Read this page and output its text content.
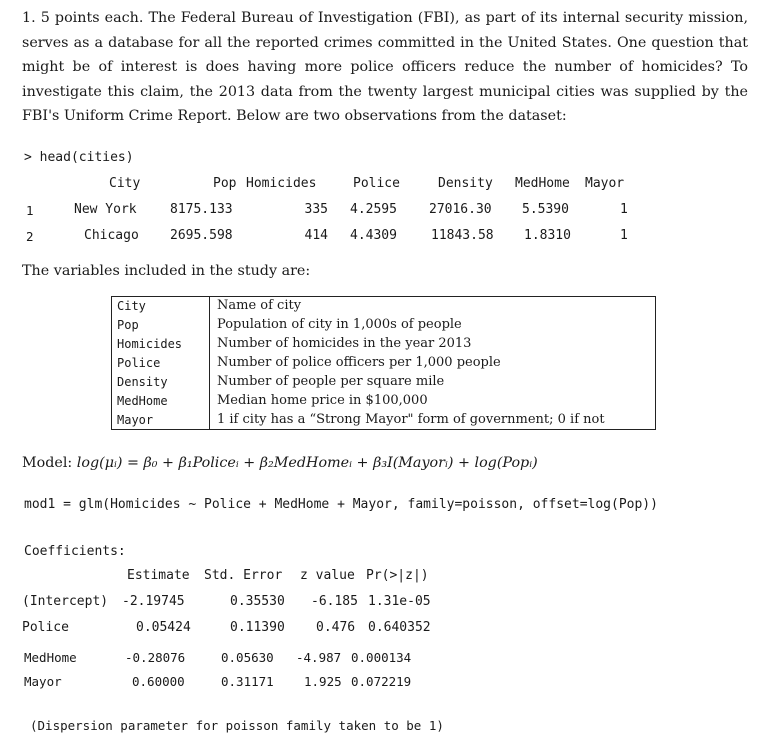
1. 5 points each. The Federal Bureau of Investigation (FBI), as part of its internal security mission, serves as a database for all the reported crimes committed in the United States. One question that might be of interest is does having more police officers reduce the number of homicides? To investigate this claim, the 2013 data from the twenty largest municipal cities was supplied by the FBI's Uniform Crime Report. Below are two observations from the dataset:
> head(cities)
City	Pop Homicides	Police	Density MedHome Mayor
1	New York	8175.133	335 4.2595 27016.30 5.5390	1
2	Chicago 2695.598	414 4.4309	11843.58 1.8310	1
The variables included in the study are:
City	Name of city
Pop	Population of city in 1,000s of people
Homicides	Number of homicides in the year 2013
Police	Number of police officers per 1,000 people
Density	Number of people per square mile
MedHome	Median home price in $100,000
Mayor	1 if city has a “Strong Mayor" form of government; 0 if not
Model: log(μᵢ) = β₀ + β₁Policeᵢ + β₂MedHomeᵢ + β₃I(Mayorᵢ) + log(Popᵢ)
mod1 = glm(Homicides ~ Police + MedHome + Mayor, family=poisson, offset=log(Pop))
Coefficients:
Estimate Std. Error z value Pr(>|z|)
(Intercept) -2.19745	0.35530 -6.185 1.31e-05
Police	0.05424	0.11390 0.476 0.640352
MedHome	-0.28076	0.05630 -4.987 0.000134
Mayor	0.60000	0.31171 1.925 0.072219
(Dispersion parameter for poisson family taken to be 1)
